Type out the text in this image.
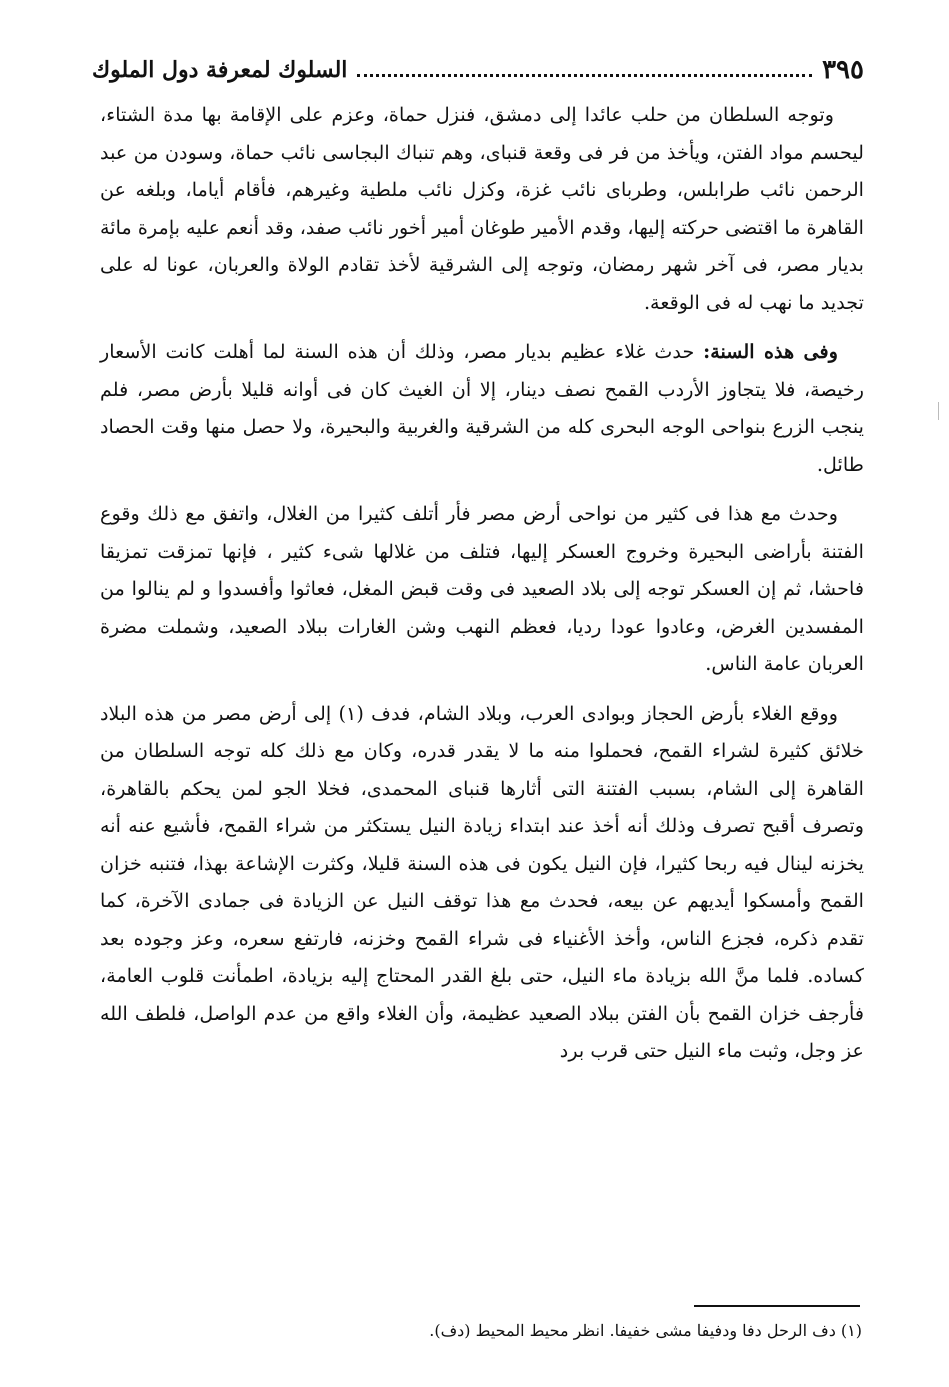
السلوك لمعرفة دول الملوك	٣٩٥

وتوجه السلطان من حلب عائدا إلى دمشق، فنزل حماة، وعزم على الإقامة بها مدة الشتاء، ليحسم مواد الفتن، ويأخذ من فر فى وقعة قنباى، وهم تنباك البجاسى نائب حماة، وسودن من عبد الرحمن نائب طرابلس، وطرباى نائب غزة، وكزل نائب ملطية وغيرهم، فأقام أياما، وبلغه عن القاهرة ما اقتضى حركته إليها، وقدم الأمير طوغان أمير أخور نائب صفد، وقد أنعم عليه بإمرة مائة بديار مصر، فى آخر شهر رمضان، وتوجه إلى الشرقية لأخذ تقادم الولاة والعربان، عونا له على تجديد ما نهب له فى الوقعة.

وفى هذه السنة: حدث غلاء عظيم بديار مصر، وذلك أن هذه السنة لما أهلت كانت الأسعار رخيصة، فلا يتجاوز الأردب القمح نصف دينار، إلا أن الغيث كان فى أوانه قليلا بأرض مصر، فلم ينجب الزرع بنواحى الوجه البحرى كله من الشرقية والغربية والبحيرة، ولا حصل منها وقت الحصاد طائل.

وحدث مع هذا فى كثير من نواحى أرض مصر فأر أتلف كثيرا من الغلال، واتفق مع ذلك وقوع الفتنة بأراضى البحيرة وخروج العسكر إليها، فتلف من غلالها شىء كثير ، فإنها تمزقت تمزيقا فاحشا، ثم إن العسكر توجه إلى بلاد الصعيد فى وقت قبض المغل، فعاثوا وأفسدوا و لم ينالوا من المفسدين الغرض، وعادوا عودا رديا، فعظم النهب وشن الغارات ببلاد الصعيد، وشملت مضرة العربان عامة الناس.

ووقع الغلاء بأرض الحجاز وبوادى العرب، وبلاد الشام، فدف (١) إلى أرض مصر من هذه البلاد خلائق كثيرة لشراء القمح، فحملوا منه ما لا يقدر قدره، وكان مع ذلك كله توجه السلطان من القاهرة إلى الشام، بسبب الفتنة التى أثارها قنباى المحمدى، فخلا الجو لمن يحكم بالقاهرة، وتصرف أقبح تصرف وذلك أنه أخذ عند ابتداء زيادة النيل يستكثر من شراء القمح، فأشيع عنه أنه يخزنه لينال فيه ربحا كثيرا، فإن النيل يكون فى هذه السنة قليلا، وكثرت الإشاعة بهذا، فتنبه خزان القمح وأمسكوا أيديهم عن بيعه، فحدث مع هذا توقف النيل عن الزيادة فى جمادى الآخرة، كما تقدم ذكره، فجزع الناس، وأخذ الأغنياء فى شراء القمح وخزنه، فارتفع سعره، وعز وجوده بعد كساده. فلما منَّ الله بزيادة ماء النيل، حتى بلغ القدر المحتاج إليه بزيادة، اطمأنت قلوب العامة، فأرجف خزان القمح بأن الفتن ببلاد الصعيد عظيمة، وأن الغلاء واقع من عدم الواصل، فلطف الله عز وجل، وثبت ماء النيل حتى قرب برد

(١) دف الرحل دفا ودفيفا مشى خفيفا. انظر محيط المحيط (دف).
